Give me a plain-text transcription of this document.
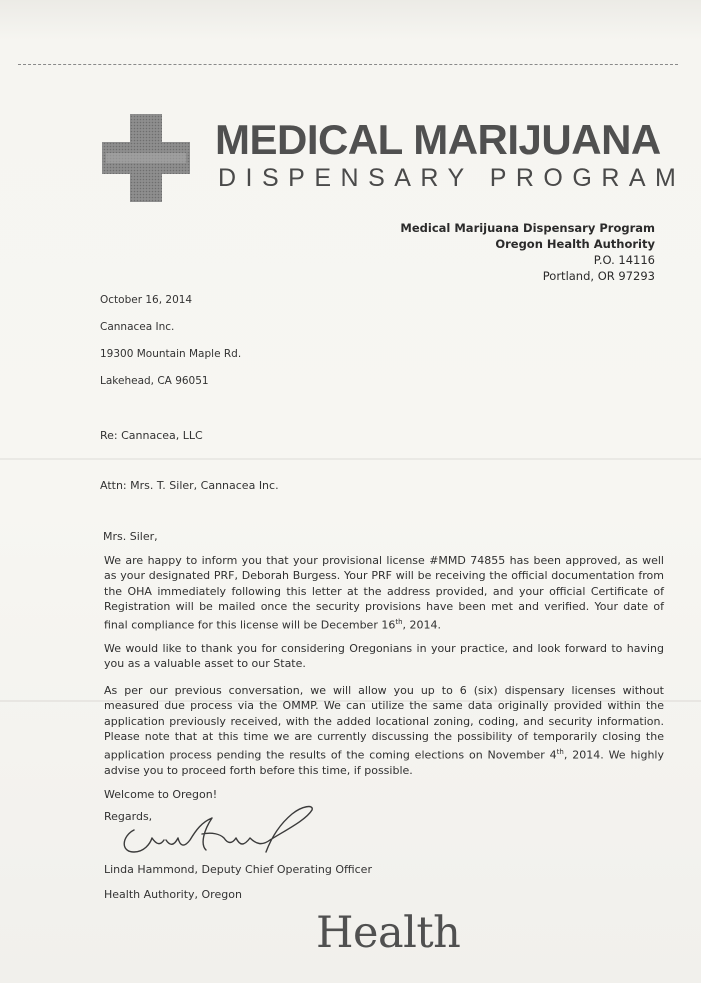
MEDICAL MARIJUANA
DISPENSARY PROGRAM
Medical Marijuana Dispensary Program
Oregon Health Authority
P.O. 14116
Portland, OR 97293
October 16, 2014
Cannacea Inc.
19300 Mountain Maple Rd.
Lakehead, CA 96051
Re: Cannacea, LLC
Attn: Mrs. T. Siler, Cannacea Inc.
Mrs. Siler,
We are happy to inform you that your provisional license #MMD 74855 has been approved, as well as your designated PRF, Deborah Burgess. Your PRF will be receiving the official documentation from the OHA immediately following this letter at the address provided, and your official Certificate of Registration will be mailed once the security provisions have been met and verified. Your date of final compliance for this license will be December 16th, 2014.
We would like to thank you for considering Oregonians in your practice, and look forward to having you as a valuable asset to our State.
As per our previous conversation, we will allow you up to 6 (six) dispensary licenses without measured due process via the OMMP. We can utilize the same data originally provided within the application previously received, with the added locational zoning, coding, and security information. Please note that at this time we are currently discussing the possibility of temporarily closing the application process pending the results of the coming elections on November 4th, 2014. We highly advise you to proceed forth before this time, if possible.
Welcome to Oregon!
Regards,
Linda Hammond, Deputy Chief Operating Officer
Health Authority, Oregon
Health
